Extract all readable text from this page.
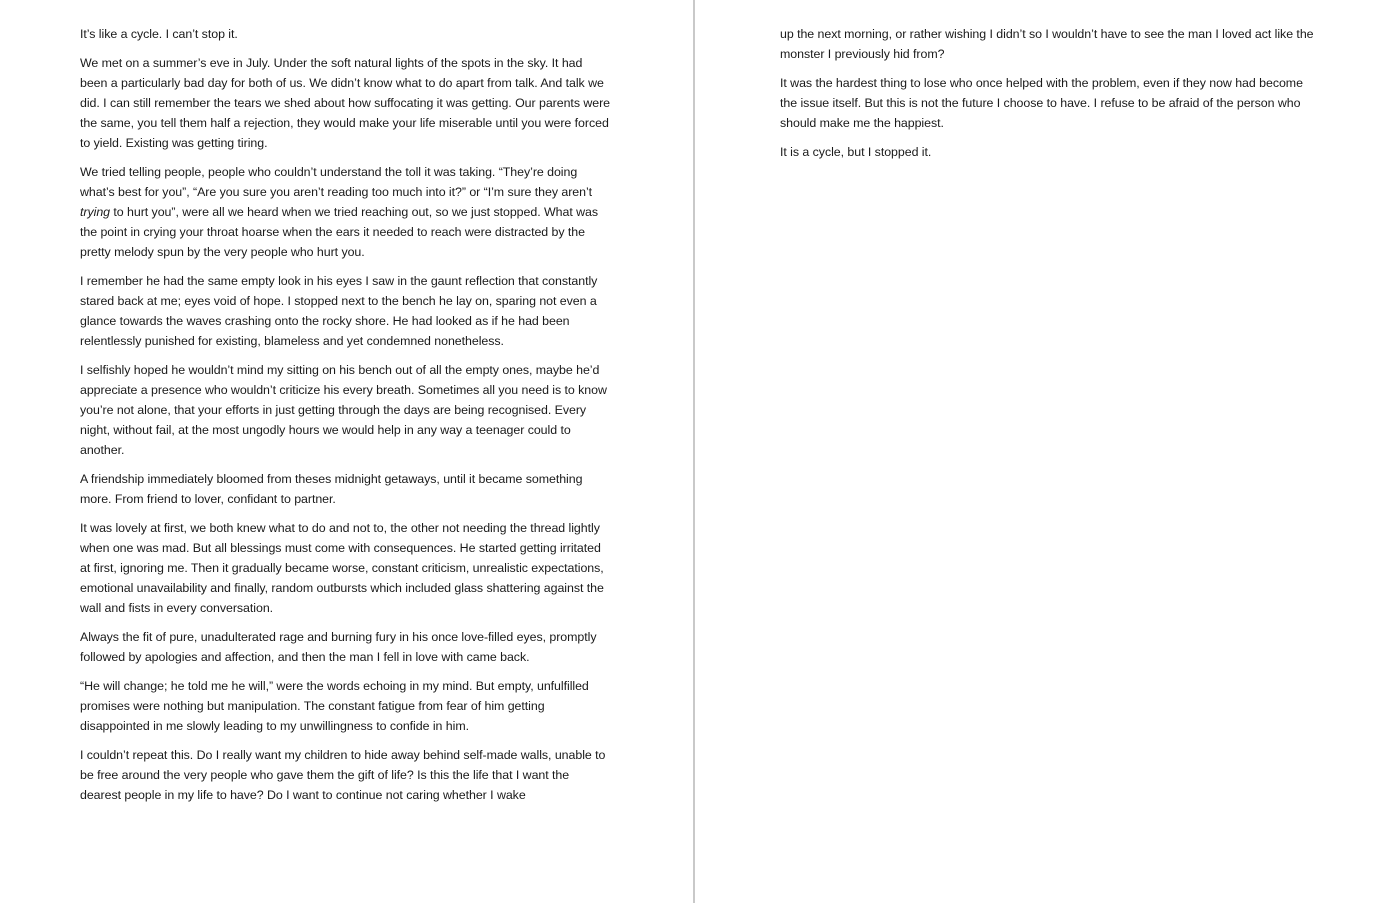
It’s like a cycle. I can’t stop it.

We met on a summer’s eve in July. Under the soft natural lights of the spots in the sky. It had been a particularly bad day for both of us. We didn’t know what to do apart from talk. And talk we did. I can still remember the tears we shed about how suffocating it was getting. Our parents were the same, you tell them half a rejection, they would make your life miserable until you were forced to yield. Existing was getting tiring.

We tried telling people, people who couldn’t understand the toll it was taking. “They’re doing what’s best for you”, “Are you sure you aren’t reading too much into it?” or “I’m sure they aren’t trying to hurt you”, were all we heard when we tried reaching out, so we just stopped. What was the point in crying your throat hoarse when the ears it needed to reach were distracted by the pretty melody spun by the very people who hurt you.

I remember he had the same empty look in his eyes I saw in the gaunt reflection that constantly stared back at me; eyes void of hope. I stopped next to the bench he lay on, sparing not even a glance towards the waves crashing onto the rocky shore. He had looked as if he had been relentlessly punished for existing, blameless and yet condemned nonetheless.

I selfishly hoped he wouldn’t mind my sitting on his bench out of all the empty ones, maybe he’d appreciate a presence who wouldn’t criticize his every breath. Sometimes all you need is to know you’re not alone, that your efforts in just getting through the days are being recognised. Every night, without fail, at the most ungodly hours we would help in any way a teenager could to another.

A friendship immediately bloomed from theses midnight getaways, until it became something more. From friend to lover, confidant to partner.

It was lovely at first, we both knew what to do and not to, the other not needing the thread lightly when one was mad. But all blessings must come with consequences. He started getting irritated at first, ignoring me. Then it gradually became worse, constant criticism, unrealistic expectations, emotional unavailability and finally, random outbursts which included glass shattering against the wall and fists in every conversation.

Always the fit of pure, unadulterated rage and burning fury in his once love-filled eyes, promptly followed by apologies and affection, and then the man I fell in love with came back.

“He will change; he told me he will,” were the words echoing in my mind. But empty, unfulfilled promises were nothing but manipulation. The constant fatigue from fear of him getting disappointed in me slowly leading to my unwillingness to confide in him.

I couldn’t repeat this. Do I really want my children to hide away behind self-made walls, unable to be free around the very people who gave them the gift of life? Is this the life that I want the dearest people in my life to have? Do I want to continue not caring whether I wake

up the next morning, or rather wishing I didn’t so I wouldn’t have to see the man I loved act like the monster I previously hid from?

It was the hardest thing to lose who once helped with the problem, even if they now had become the issue itself. But this is not the future I choose to have. I refuse to be afraid of the person who should make me the happiest.

It is a cycle, but I stopped it.
